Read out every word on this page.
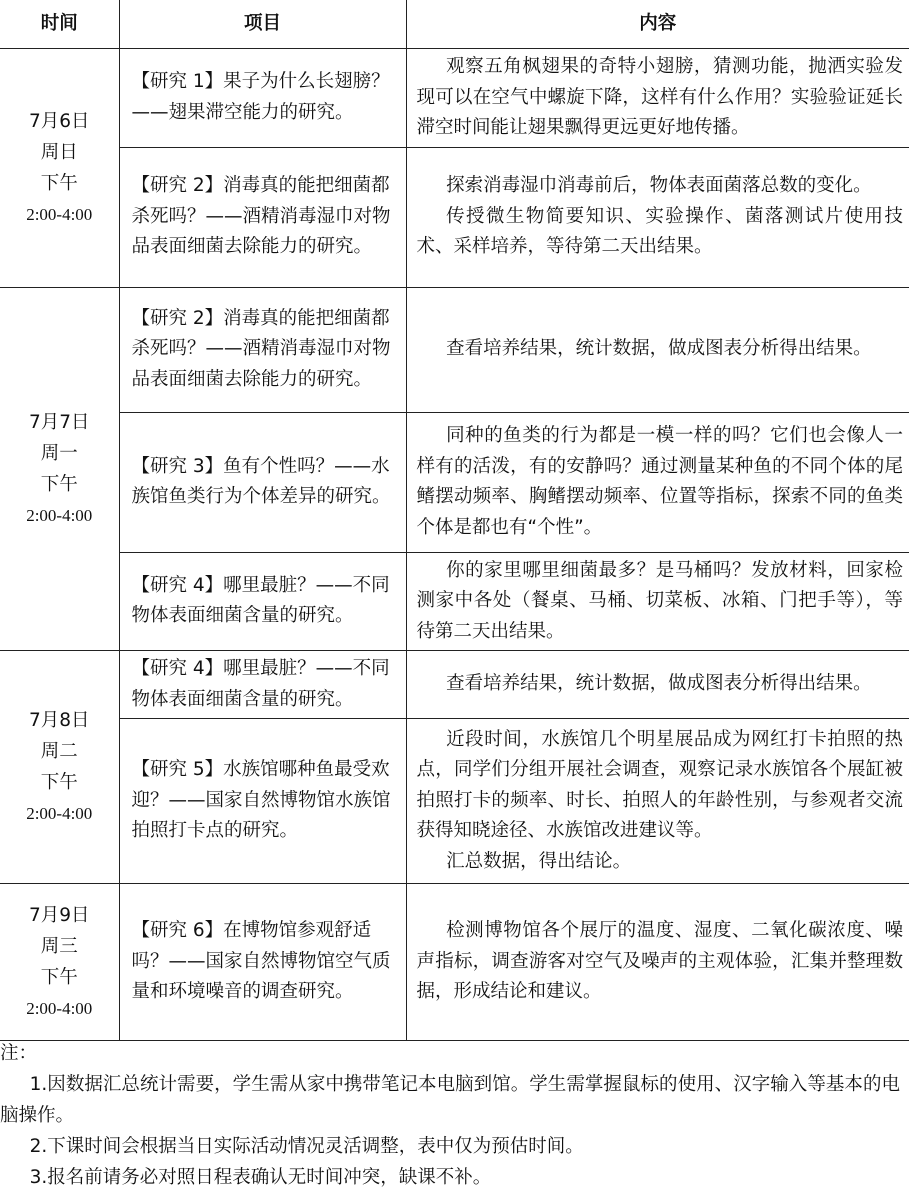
时间	项目	内容

7月6日
周日
下午
2:00-4:00	【研究 1】果子为什么长翅膀？——翅果滞空能力的研究。	观察五角枫翅果的奇特小翅膀，猜测功能，抛洒实验发现可以在空气中螺旋下降，这样有什么作用？实验验证延长滞空时间能让翅果飘得更远更好地传播。

	【研究 2】消毒真的能把细菌都杀死吗？——酒精消毒湿巾对物品表面细菌去除能力的研究。	探索消毒湿巾消毒前后，物体表面菌落总数的变化。

传授微生物简要知识、实验操作、菌落测试片使用技术、采样培养，等待第二天出结果。

7月7日
周一
下午
2:00-4:00	【研究 2】消毒真的能把细菌都杀死吗？——酒精消毒湿巾对物品表面细菌去除能力的研究。	查看培养结果，统计数据，做成图表分析得出结果。

	【研究 3】鱼有个性吗？——水族馆鱼类行为个体差异的研究。	同种的鱼类的行为都是一模一样的吗？它们也会像人一样有的活泼，有的安静吗？通过测量某种鱼的不同个体的尾鳍摆动频率、胸鳍摆动频率、位置等指标，探索不同的鱼类个体是都也有“个性”。

	【研究 4】哪里最脏？——不同物体表面细菌含量的研究。	你的家里哪里细菌最多？是马桶吗？发放材料，回家检测家中各处（餐桌、马桶、切菜板、冰箱、门把手等），等待第二天出结果。

7月8日
周二
下午
2:00-4:00	【研究 4】哪里最脏？——不同物体表面细菌含量的研究。	查看培养结果，统计数据，做成图表分析得出结果。

	【研究 5】水族馆哪种鱼最受欢迎？——国家自然博物馆水族馆拍照打卡点的研究。	近段时间，水族馆几个明星展品成为网红打卡拍照的热点，同学们分组开展社会调查，观察记录水族馆各个展缸被拍照打卡的频率、时长、拍照人的年龄性别，与参观者交流获得知晓途径、水族馆改进建议等。

汇总数据，得出结论。

7月9日
周三
下午
2:00-4:00	【研究 6】在博物馆参观舒适吗？——国家自然博物馆空气质量和环境噪音的调查研究。	检测博物馆各个展厅的温度、湿度、二氧化碳浓度、噪声指标，调查游客对空气及噪声的主观体验，汇集并整理数据，形成结论和建议。

注：

1.因数据汇总统计需要，学生需从家中携带笔记本电脑到馆。学生需掌握鼠标的使用、汉字输入等基本的电脑操作。

2.下课时间会根据当日实际活动情况灵活调整，表中仅为预估时间。

3.报名前请务必对照日程表确认无时间冲突，缺课不补。
